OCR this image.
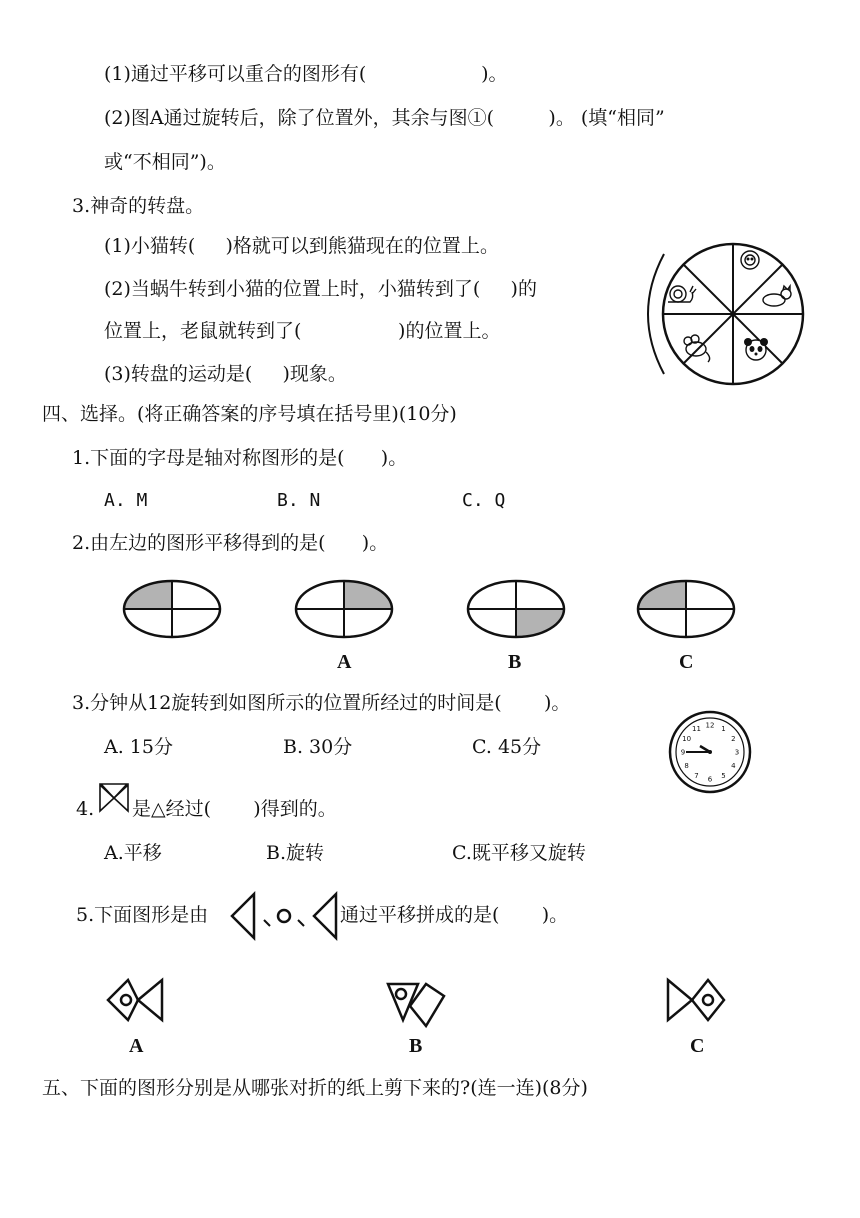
(1)通过平移可以重合的图形有(                   )。
(2)图A通过旋转后，除了位置外，其余与图①(         )。 (填“相同”
或“不相同”)。
3.神奇的转盘。
(1)小猫转(     )格就可以到熊猫现在的位置上。
(2)当蜗牛转到小猫的位置上时，小猫转到了(     )的
位置上，老鼠就转到了(                )的位置上。
(3)转盘的运动是(     )现象。
四、选择。(将正确答案的序号填在括号里)(10分)
1.下面的字母是轴对称图形的是(      )。
A. M	B. N	C. Q
2.由左边的图形平移得到的是(      )。
A	B	C
3.分钟从12旋转到如图所示的位置所经过的时间是(       )。
A. 15分	B. 30分	C. 45分
12 1
2
3
4
5
6
7
8
9
10
11
4. 是△经过(       )得到的。
A.平移	B.旋转	C.既平移又旋转
5.下面图形是由	通过平移拼成的是(       )。
A	B	C
五、下面的图形分别是从哪张对折的纸上剪下来的?(连一连)(8分)
